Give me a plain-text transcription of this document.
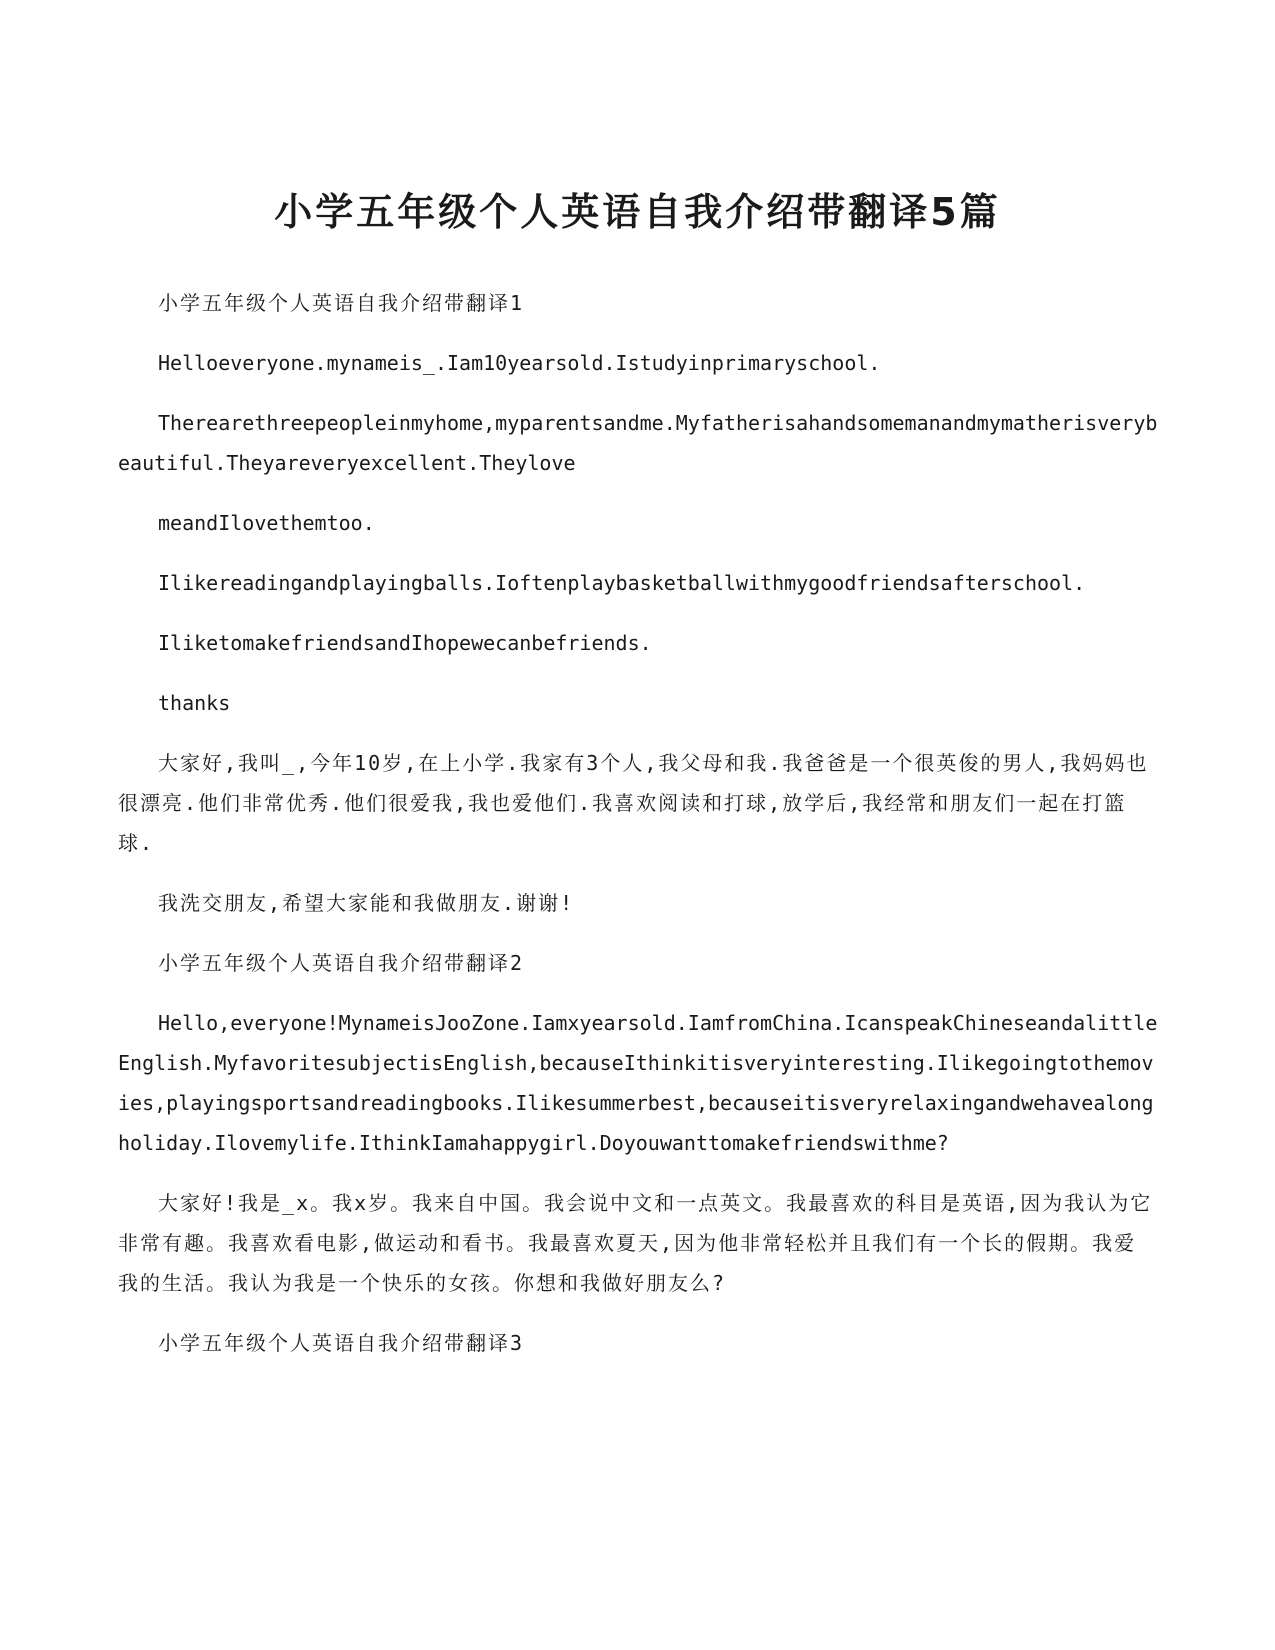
小学五年级个人英语自我介绍带翻译5篇

小学五年级个人英语自我介绍带翻译1

Helloeveryone.mynameis_.Iam10yearsold.Istudyinprimaryschool.

Therearethreepeopleinmyhome,myparentsandme.Myfatherisahandsomemanandmymatherisverybeautiful.Theyareveryexcellent.Theylove

meandIlovethemtoo.

Ilikereadingandplayingballs.Ioftenplaybasketballwithmygoodfriendsafterschool.

IliketomakefriendsandIhopewecanbefriends.

thanks

大家好,我叫_,今年10岁,在上小学.我家有3个人,我父母和我.我爸爸是一个很英俊的男人,我妈妈也很漂亮.他们非常优秀.他们很爱我,我也爱他们.我喜欢阅读和打球,放学后,我经常和朋友们一起在打篮球.

我洗交朋友,希望大家能和我做朋友.谢谢!

小学五年级个人英语自我介绍带翻译2

Hello,everyone!MynameisJooZone.Iamxyearsold.IamfromChina.IcanspeakChineseandalittleEnglish.MyfavoritesubjectisEnglish,becauseIthinkitisveryinteresting.Ilikegoingtothemovies,playingsportsandreadingbooks.Ilikesummerbest,becauseitisveryrelaxingandwehavealongholiday.Ilovemylife.IthinkIamahappygirl.Doyouwanttomakefriendswithme?

大家好!我是_x。我x岁。我来自中国。我会说中文和一点英文。我最喜欢的科目是英语,因为我认为它非常有趣。我喜欢看电影,做运动和看书。我最喜欢夏天,因为他非常轻松并且我们有一个长的假期。我爱我的生活。我认为我是一个快乐的女孩。你想和我做好朋友么?

小学五年级个人英语自我介绍带翻译3
